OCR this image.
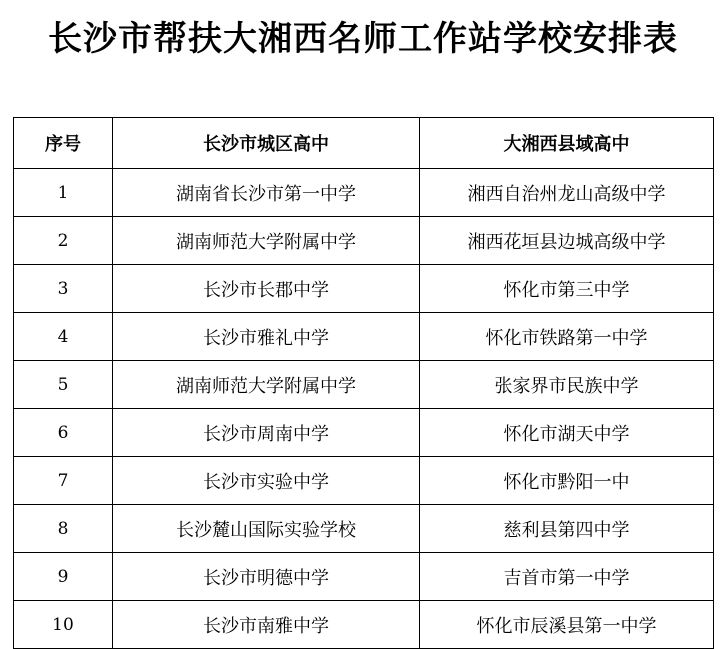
长沙市帮扶大湘西名师工作站学校安排表
序号	长沙市城区高中	大湘西县域高中
1	湖南省长沙市第一中学	湘西自治州龙山高级中学
2	湖南师范大学附属中学	湘西花垣县边城高级中学
3	长沙市长郡中学	怀化市第三中学
4	长沙市雅礼中学	怀化市铁路第一中学
5	湖南师范大学附属中学	张家界市民族中学
6	长沙市周南中学	怀化市湖天中学
7	长沙市实验中学	怀化市黔阳一中
8	长沙麓山国际实验学校	慈利县第四中学
9	长沙市明德中学	吉首市第一中学
10	长沙市南雅中学	怀化市辰溪县第一中学
